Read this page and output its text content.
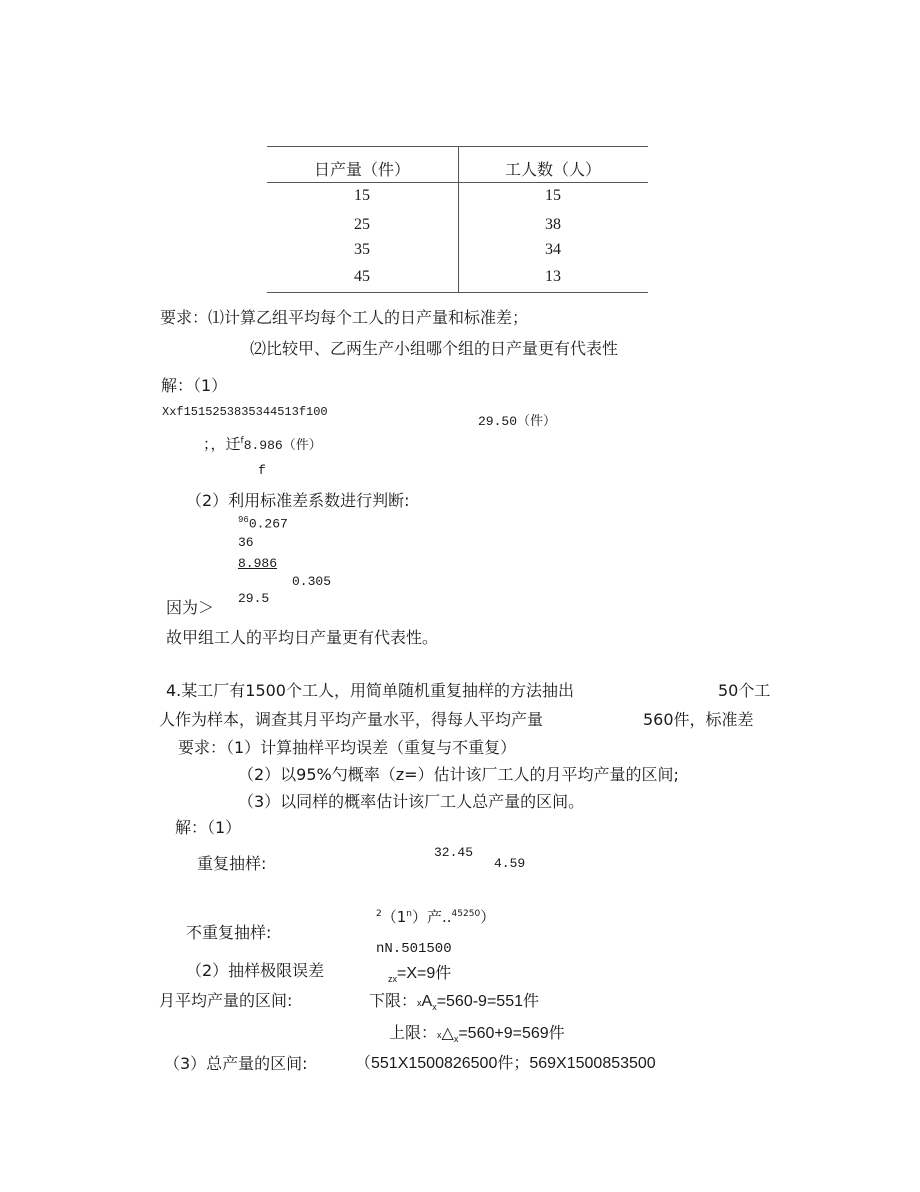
日产量（件）	工人数（人）
15	15
25	38
35	34
45	13
要求：⑴计算乙组平均每个工人的日产量和标准差；
⑵比较甲、乙两生产小组哪个组的日产量更有代表性
解：（1）
Xxf1515253835344513f100
29.50（件）
；，迁$^f$8.986（件）
f
（2）利用标准差系数进行判断:
$^{96}$0.267
36
8.986
0.305
29.5
因为＞
故甲组工人的平均日产量更有代表性。
4.某工厂有1500个工人，用简单随机重复抽样的方法抽出	50个工
人作为样本，调查其月平均产量水平，得每人平均产量	560件，标准差
要求：（1）计算抽样平均误差（重复与不重复）
（2）以95%勺概率（z=）估计该厂工人的月平均产量的区间;
（3）以同样的概率估计该厂工人总产量的区间。
解：（1）
重复抽样:
32.45
4.59
不重复抽样:
$^2$（1$^n$）产..$^{45250}$）
nN.501500
（2）抽样极限误差	$_{zx}$=X=9件
月平均产量的区间:	下限：$xA_x=560-9=551$件
上限：$x\triangle_x=560+9=569$件
（3）总产量的区间:	（551X1500826500件；569X1500853500
